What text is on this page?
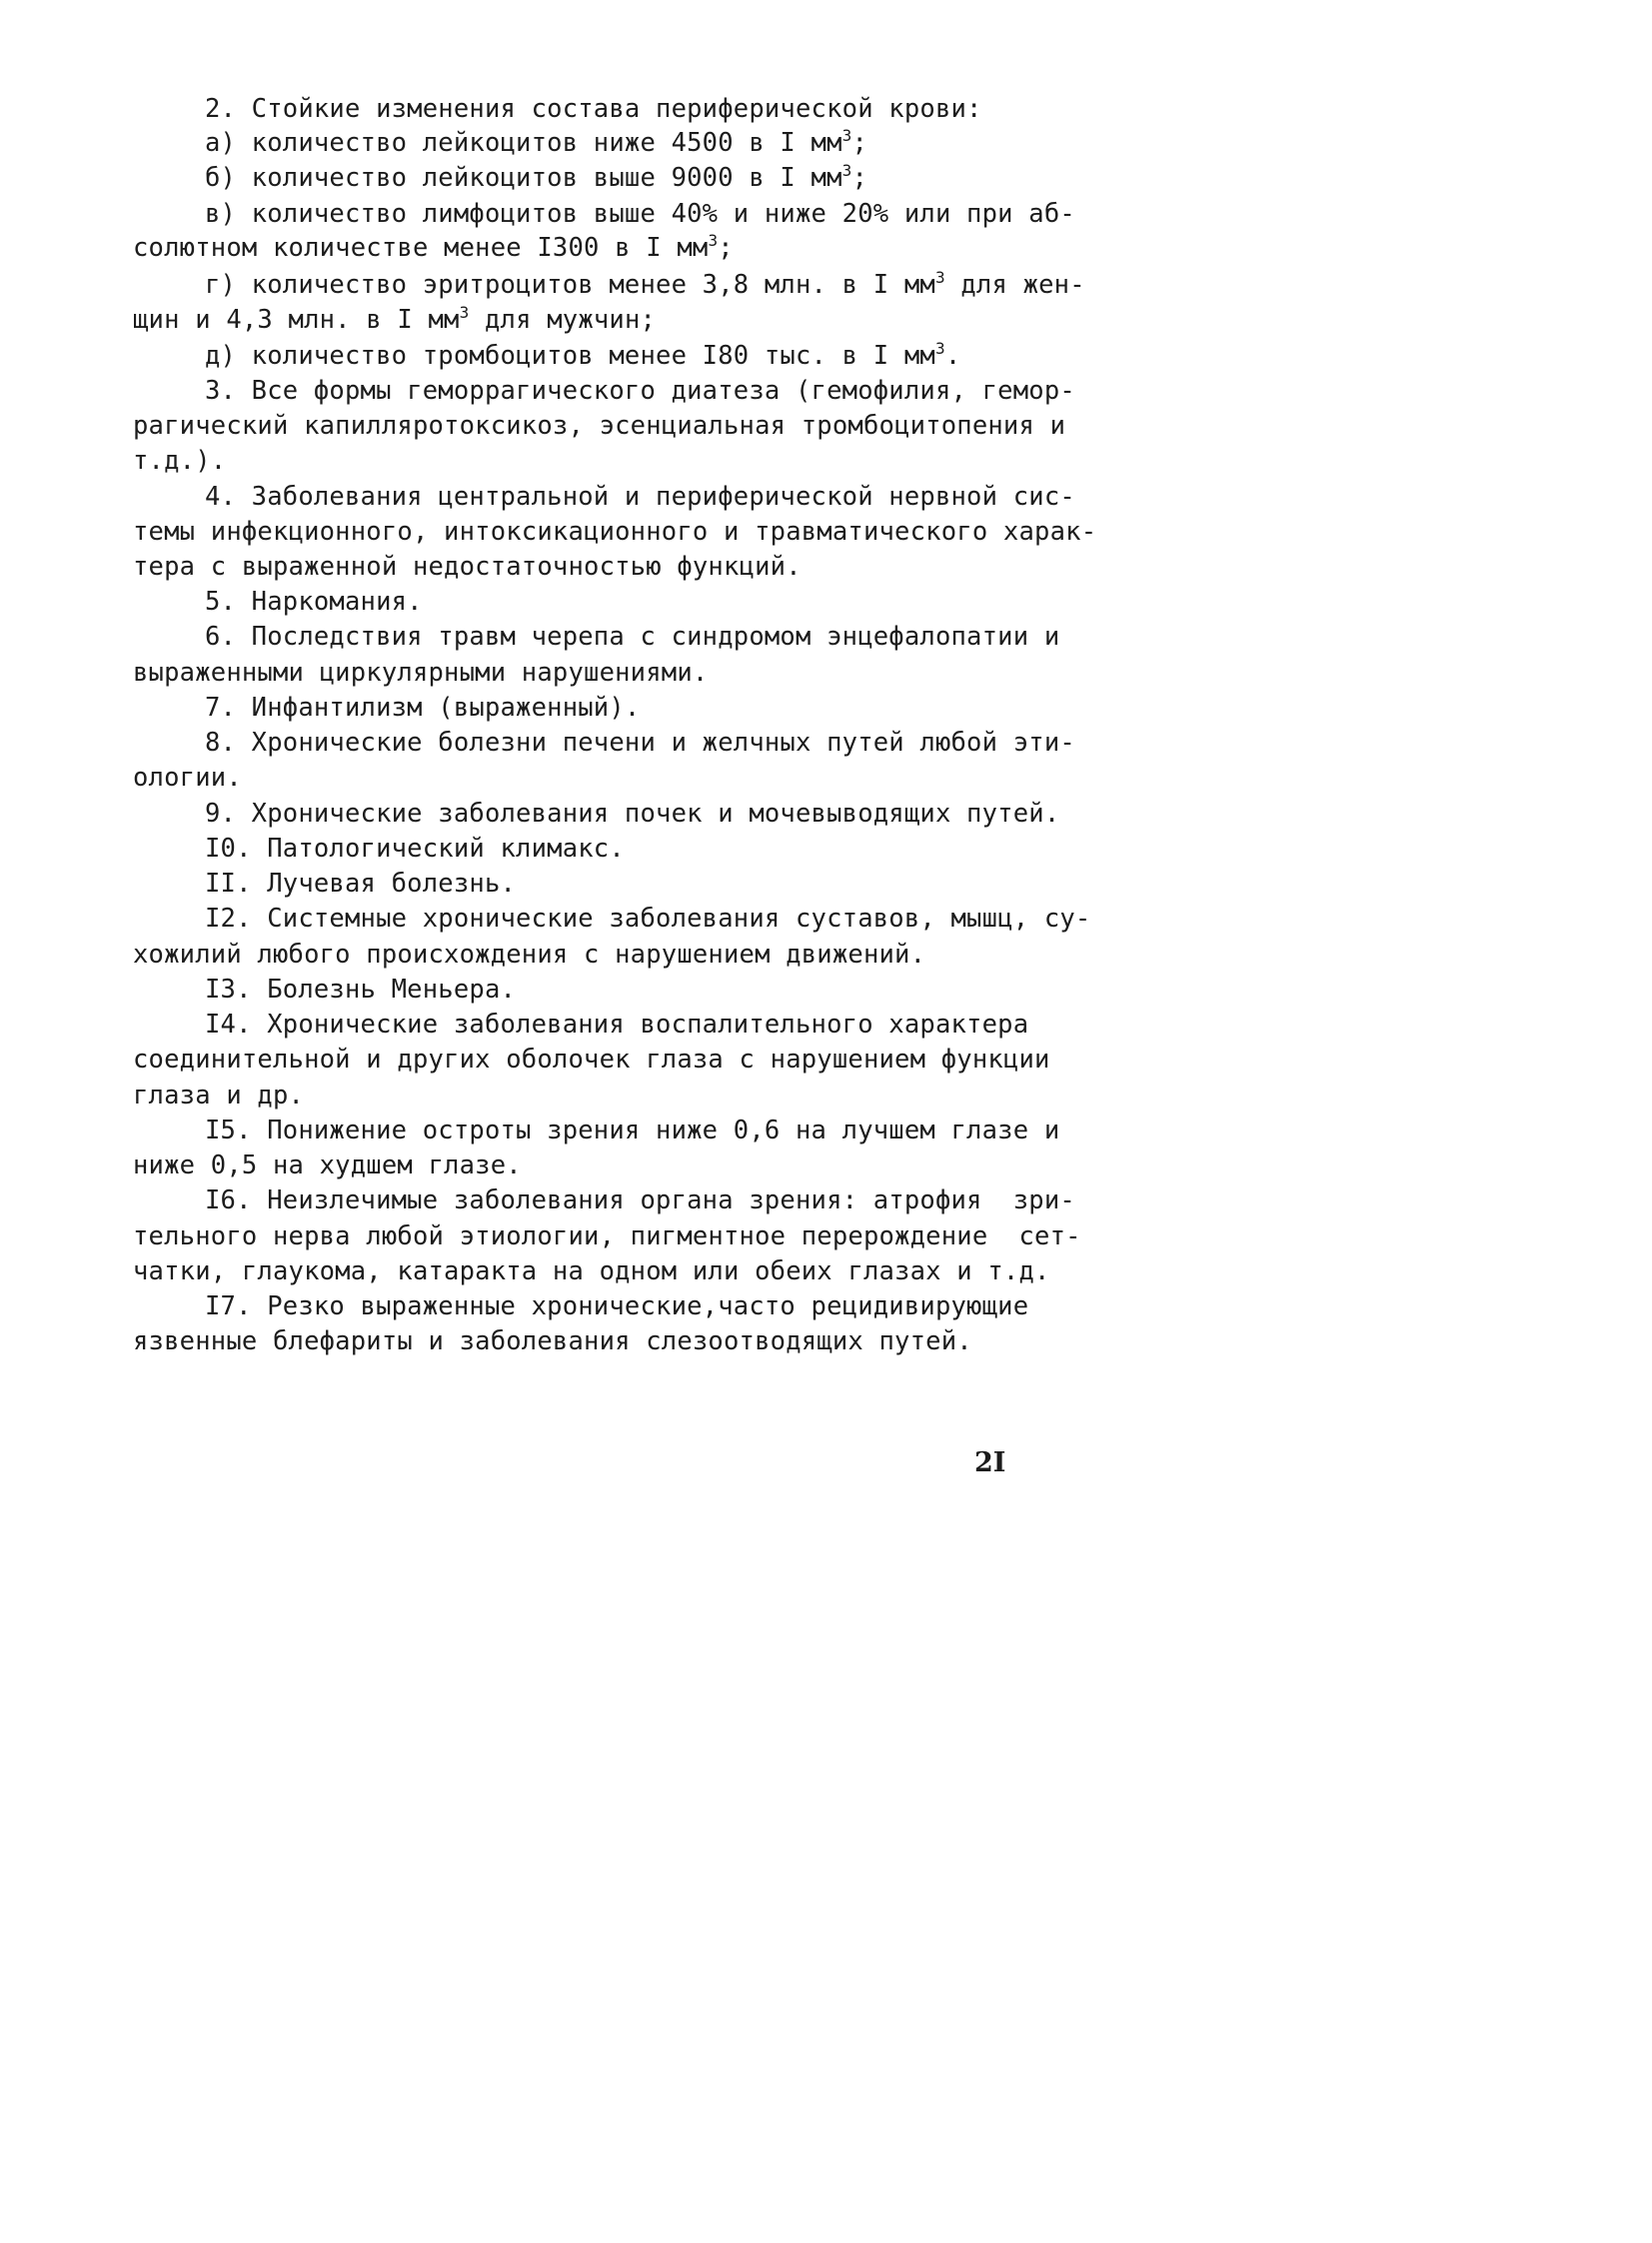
2. Стойкие изменения состава периферической крови:
а) количество лейкоцитов ниже 4500 в I $мм^3$;
б) количество лейкоцитов выше 9000 в I $мм^3$;
в) количество лимфоцитов выше 40% и ниже 20% или при аб-
солютном количестве менее I300 в I $мм^3$;
г) количество эритроцитов менее 3,8 млн. в I $мм^3$ для жен-
щин и 4,3 млн. в I $мм^3$ для мужчин;
д) количество тромбоцитов менее I80 тыс. в I $мм^3$.
3. Все формы геморрагического диатеза (гемофилия, гемор-
рагический капилляротоксикоз, эсенциальная тромбоцитопения и
т.д.).
4. Заболевания центральной и периферической нервной сис-
темы инфекционного, интоксикационного и травматического харак-
тера с выраженной недостаточностью функций.
5. Наркомания.
6. Последствия травм черепа с синдромом энцефалопатии и
выраженными циркулярными нарушениями.
7. Инфантилизм (выраженный).
8. Хронические болезни печени и желчных путей любой эти-
ологии.
9. Хронические заболевания почек и мочевыводящих путей.
I0. Патологический климакс.
II. Лучевая болезнь.
I2. Системные хронические заболевания суставов, мышц, су-
хожилий любого происхождения с нарушением движений.
I3. Болезнь Меньера.
I4. Хронические заболевания воспалительного характера
соединительной и других оболочек глаза с нарушением функции
глаза и др.
I5. Понижение остроты зрения ниже 0,6 на лучшем глазе и
ниже 0,5 на худшем глазе.
I6. Неизлечимые заболевания органа зрения: атрофия  зри-
тельного нерва любой этиологии, пигментное перерождение  сет-
чатки, глаукома, катаракта на одном или обеих глазах и т.д.
I7. Резко выраженные хронические,часто рецидивирующие
язвенные блефариты и заболевания слезоотводящих путей.
2I
